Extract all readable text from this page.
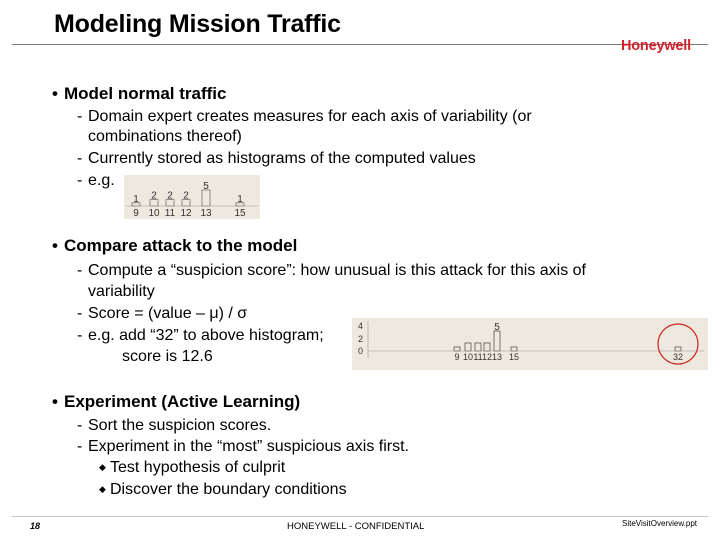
Modeling Mission Traffic
Honeywell
• Model normal traffic
- Domain expert creates measures for each axis of variability (or
combinations thereof)
- Currently stored as histograms of the computed values
- e.g.
1
9
2
10
2
11
2
12
5
13
1
15
• Compare attack to the model
- Compute a “suspicion score”: how unusual is this attack for this axis of
variability
- Score = (value – μ) / σ
- e.g. add “32” to above histogram;
score is 12.6
4
2
0
9 10 11 12 13 15	32
5
• Experiment (Active Learning)
- Sort the suspicion scores.
- Experiment in the “most” suspicious axis first.
◆ Test hypothesis of culprit
◆ Discover the boundary conditions
18	HONEYWELL - CONFIDENTIAL	SiteVisitOverview.ppt
